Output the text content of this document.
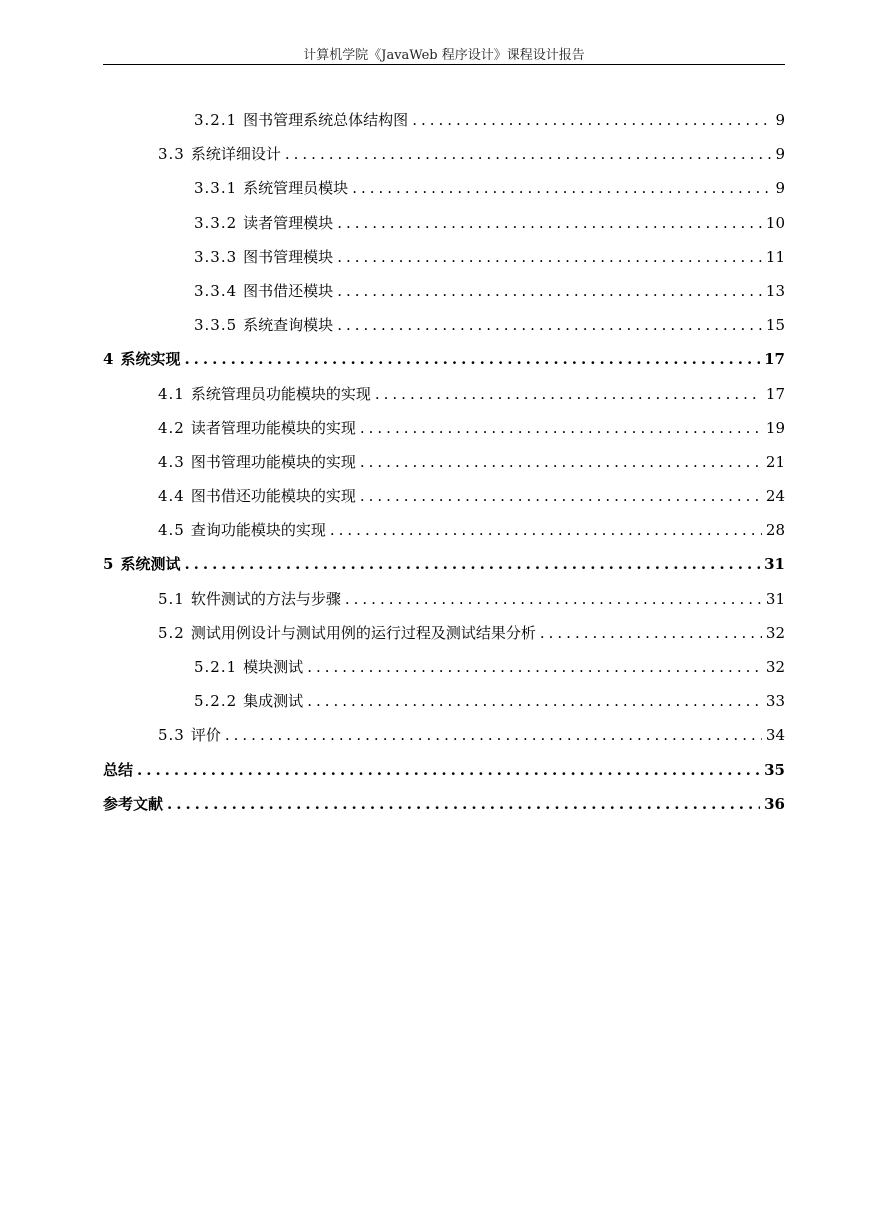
计算机学院《JavaWeb 程序设计》课程设计报告
3.2.1 图书管理系统总体结构图 .....	9
3.3 系统详细设计 .....	9
3.3.1 系统管理员模块 .....	9
3.3.2 读者管理模块 .....	10
3.3.3 图书管理模块 .....	11
3.3.4 图书借还模块 .....	13
3.3.5 系统查询模块 .....	15
4 系统实现 .....	17
4.1 系统管理员功能模块的实现 .....	17
4.2 读者管理功能模块的实现 .....	19
4.3 图书管理功能模块的实现 .....	21
4.4 图书借还功能模块的实现 .....	24
4.5 查询功能模块的实现 .....	28
5 系统测试 .....	31
5.1 软件测试的方法与步骤 .....	31
5.2 测试用例设计与测试用例的运行过程及测试结果分析 .....	32
5.2.1 模块测试 .....	32
5.2.2 集成测试 .....	33
5.3 评价 .....	34
总结 .....	35
参考文献 .....	36
